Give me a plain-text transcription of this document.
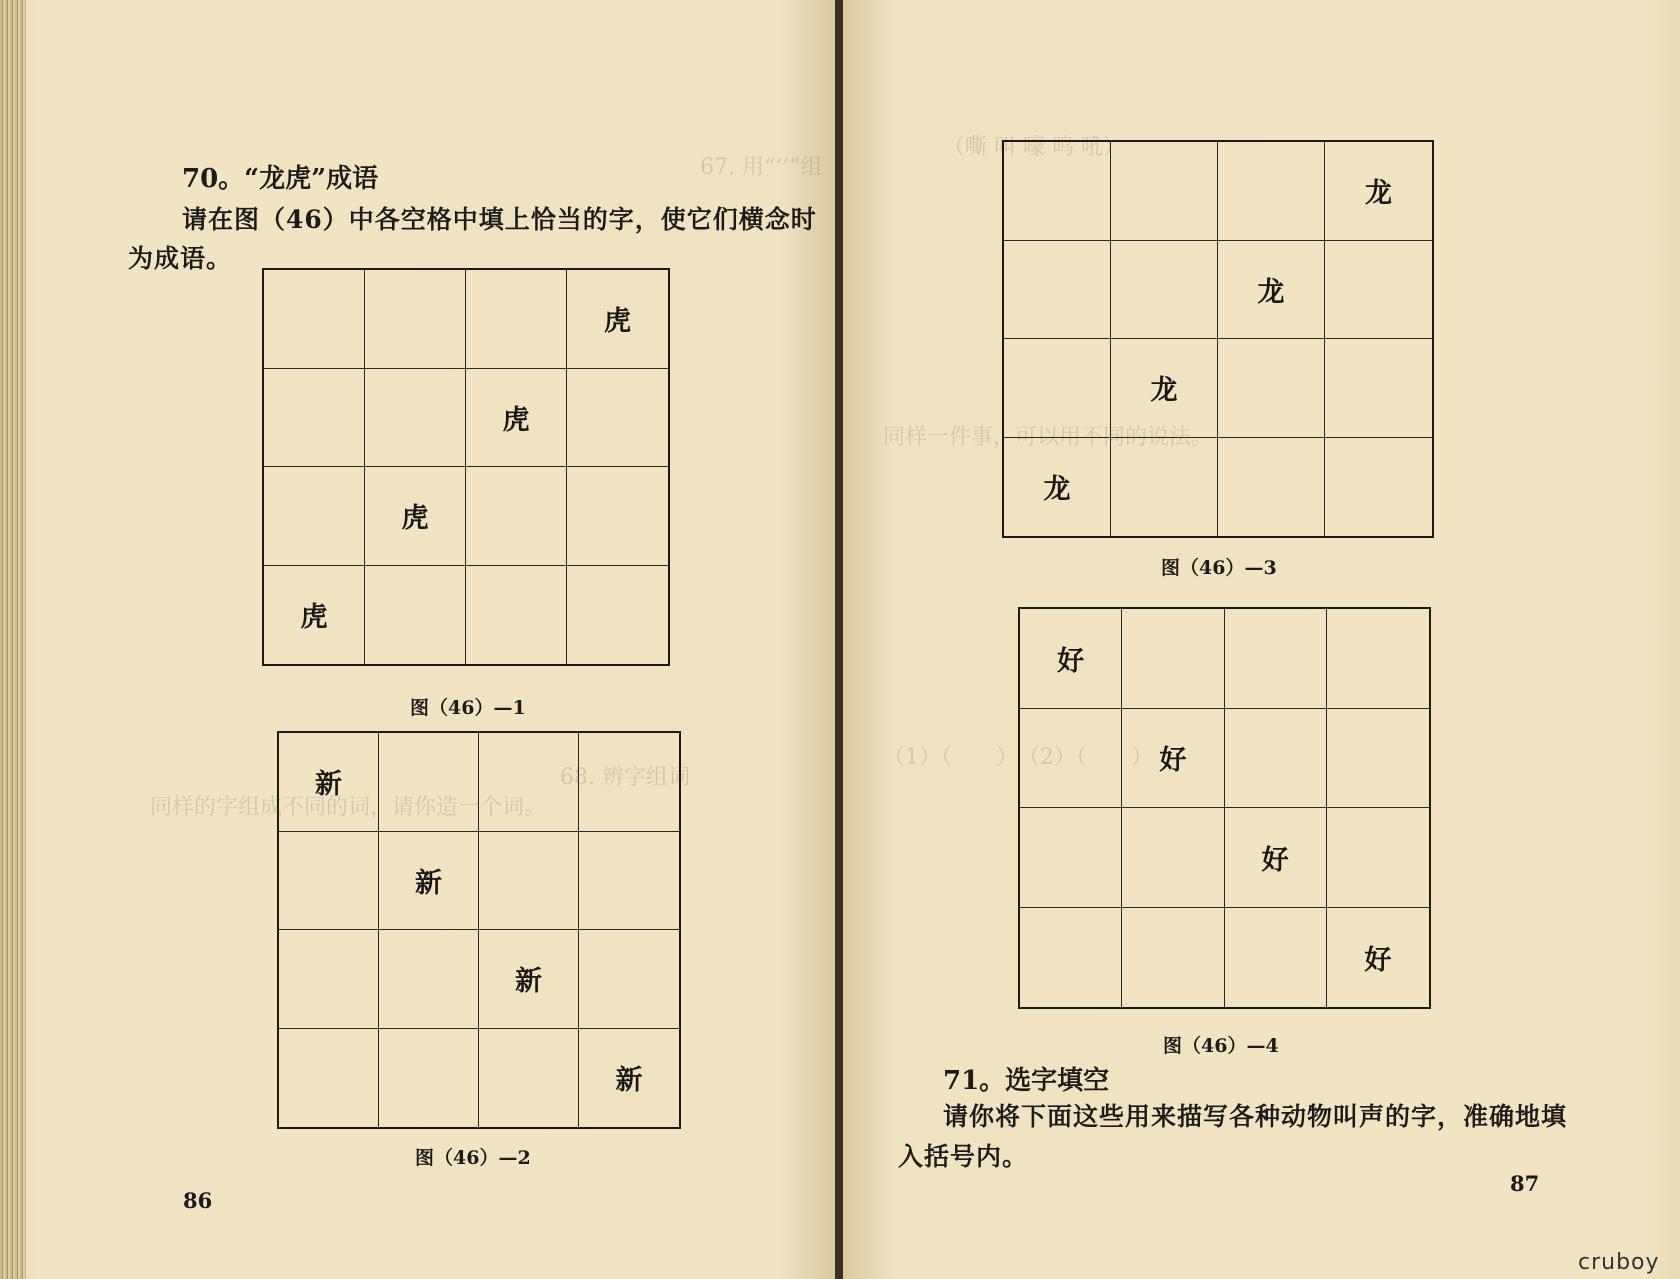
67. 用“‘’”组
68. 辨字组词
同样的字组成不同的词，请你造一个词。
70。“龙虎”成语
请在图（46）中各空格中填上恰当的字，使它们横念时
为成语。
虎
虎
虎
虎
图（46）—1
新
新
新
新
图（46）—2
86
（嘶 叫 嚎 鸣 吼）
同样一件事，可以用不同的说法。
（1）（　　）　（2）（　　）
龙
龙
龙
龙
图（46）—3
好
好
好
好
图（46）—4
71。选字填空
请你将下面这些用来描写各种动物叫声的字，准确地填
入括号内。
87
cruboy
